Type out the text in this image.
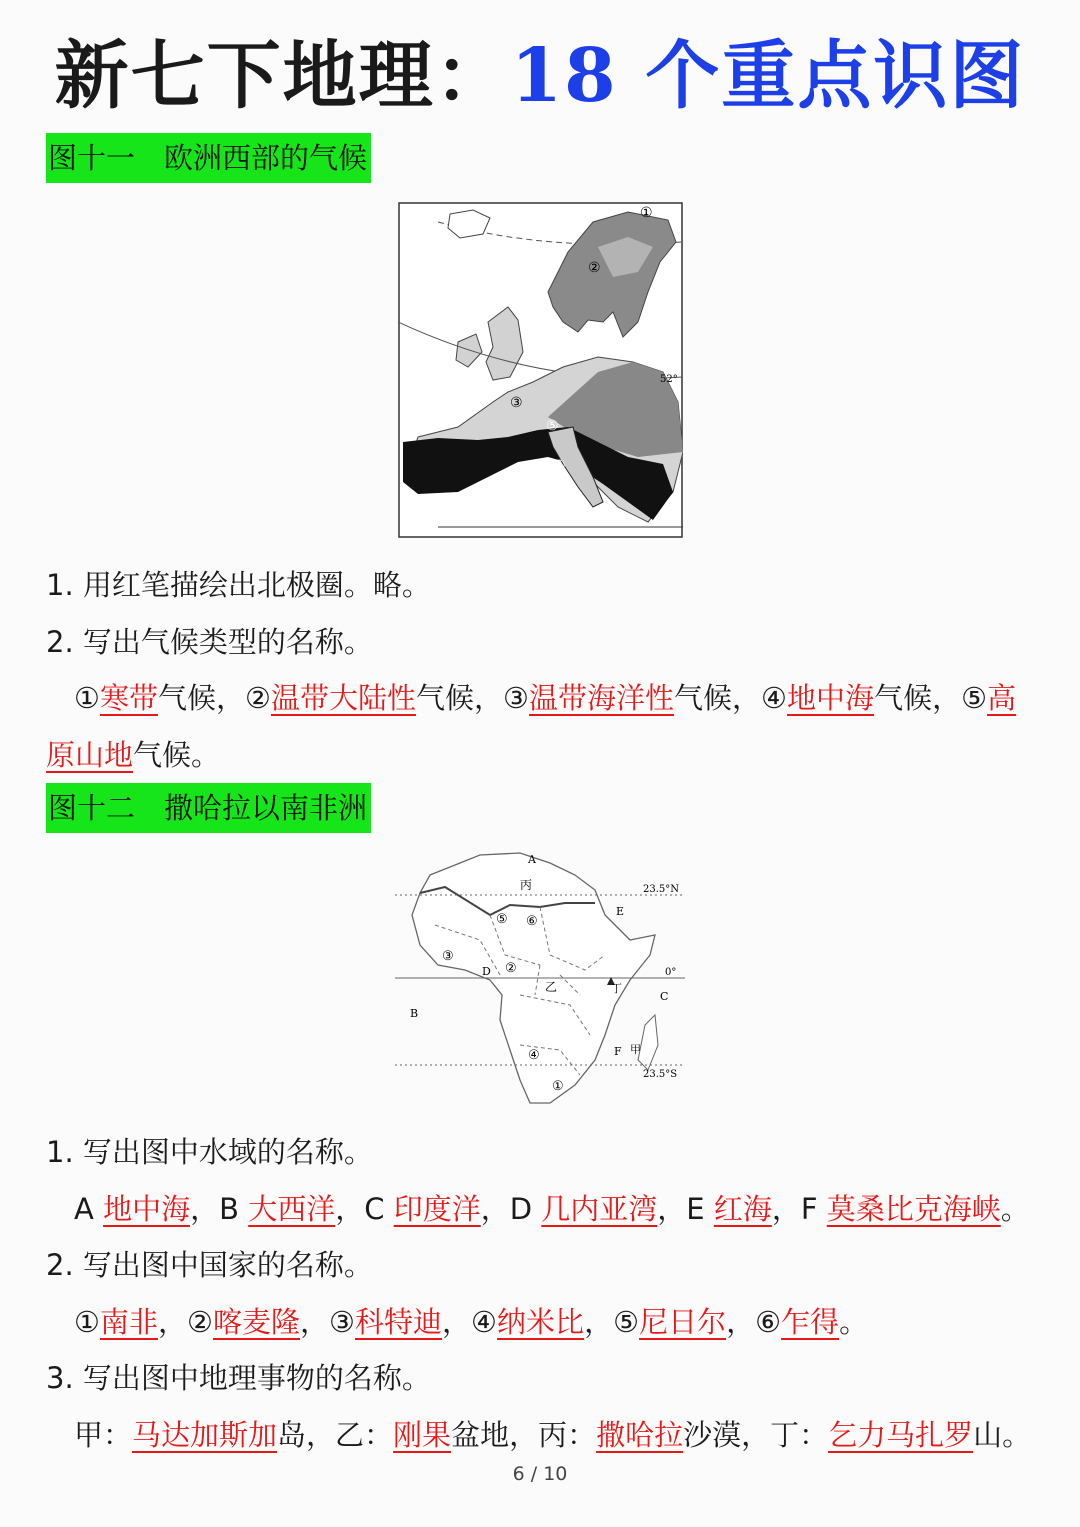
新七下地理：18 个重点识图
图十一　欧洲西部的气候
①
②
③
④
⑤
52°
1. 用红笔描绘出北极圈。略。
2. 写出气候类型的名称。
①寒带气候，②温带大陆性气候，③温带海洋性气候，④地中海气候，⑤高
原山地气候。
图十二　撒哈拉以南非洲
A
B
C
D
E
F
丙
乙
甲
丁
①
②
③
④
⑤ ⑥
23.5°N
0°
23.5°S
1. 写出图中水域的名称。
A 地中海，B 大西洋，C 印度洋，D 几内亚湾，E 红海，F 莫桑比克海峡。
2. 写出图中国家的名称。
①南非，②喀麦隆，③科特迪，④纳米比，⑤尼日尔，⑥乍得。
3. 写出图中地理事物的名称。
甲：马达加斯加岛，乙：刚果盆地，丙：撒哈拉沙漠，丁：乞力马扎罗山。
6 / 10
